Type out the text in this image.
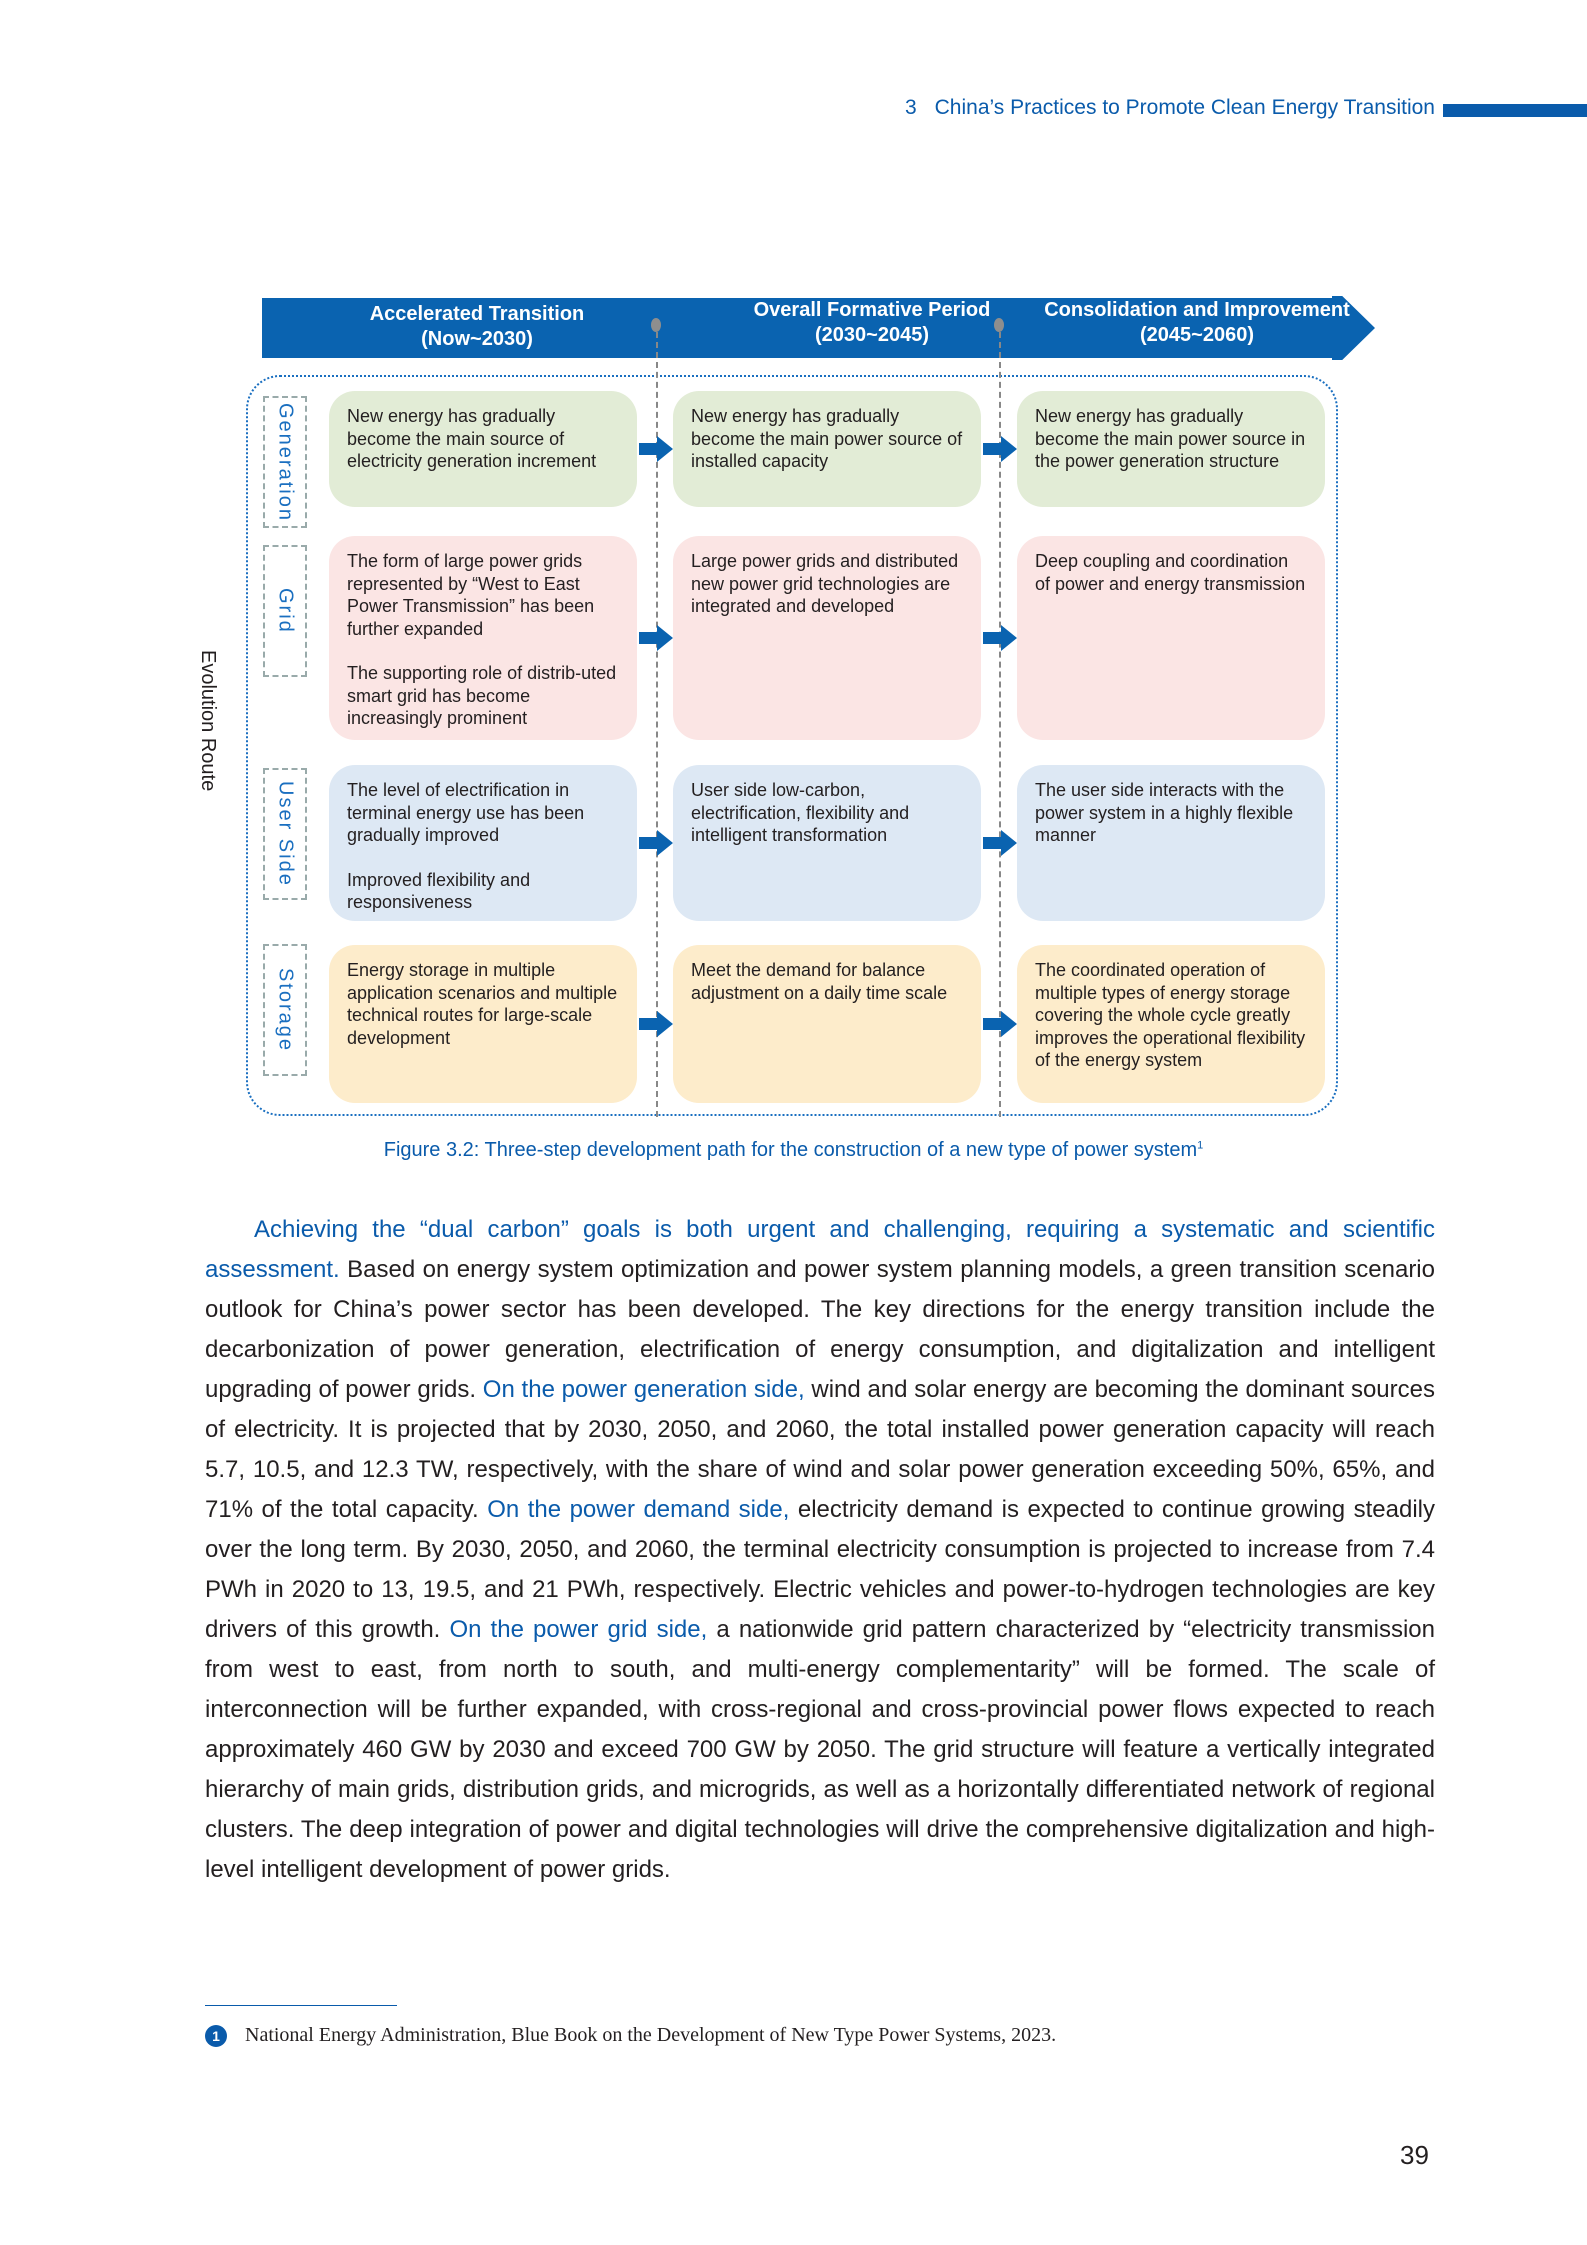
3 China’s Practices to Promote Clean Energy Transition
Accelerated Transition
(Now~2030)
Overall Formative Period
(2030~2045)
Consolidation and Improvement
(2045~2060)
Evolution Route
Generation
Grid
User Side
Storage

New energy has gradually become the main source of electricity generation increment

New energy has gradually become the main power source of installed capacity

New energy has gradually become the main power source in the power generation structure

The form of large power grids represented by “West to East Power Transmission” has been further expanded

The supporting role of distrib-uted smart grid has become increasingly prominent

Large power grids and distributed new power grid technologies are integrated and developed

Deep coupling and coordination of power and energy transmission

The level of electrification in terminal energy use has been gradually improved

Improved flexibility and responsiveness

User side low-carbon, electrification, flexibility and intelligent transformation

The user side interacts with the power system in a highly flexible manner

Energy storage in multiple application scenarios and multiple technical routes for large-scale development

Meet the demand for balance adjustment on a daily time scale

The coordinated operation of multiple types of energy storage covering the whole cycle greatly improves the operational flexibility of the energy system

Figure 3.2: Three-step development path for the construction of a new type of power system$^1$
Achieving the “dual carbon” goals is both urgent and challenging, requiring a systematic and scientific assessment. Based on energy system optimization and power system planning models, a green transition scenario outlook for China’s power sector has been developed. The key directions for the energy transition include the decarbonization of power generation, electrification of energy consumption, and digitalization and intelligent upgrading of power grids. On the power generation side, wind and solar energy are becoming the dominant sources of electricity. It is projected that by 2030, 2050, and 2060, the total installed power generation capacity will reach 5.7, 10.5, and 12.3 TW, respectively, with the share of wind and solar power generation exceeding 50%, 65%, and 71% of the total capacity. On the power demand side, electricity demand is expected to continue growing steadily over the long term. By 2030, 2050, and 2060, the terminal electricity consumption is projected to increase from 7.4 PWh in 2020 to 13, 19.5, and 21 PWh, respectively. Electric vehicles and power-to-hydrogen technologies are key drivers of this growth. On the power grid side, a nationwide grid pattern characterized by “electricity transmission from west to east, from north to south, and multi-energy complementarity” will be formed. The scale of interconnection will be further expanded, with cross-regional and cross-provincial power flows expected to reach approximately 460 GW by 2030 and exceed 700 GW by 2050. The grid structure will feature a vertically integrated hierarchy of main grids, distribution grids, and microgrids, as well as a horizontally differentiated network of regional clusters. The deep integration of power and digital technologies will drive the comprehensive digitalization and high-level intelligent development of power grids.
1	National Energy Administration, Blue Book on the Development of New Type Power Systems, 2023.
39
